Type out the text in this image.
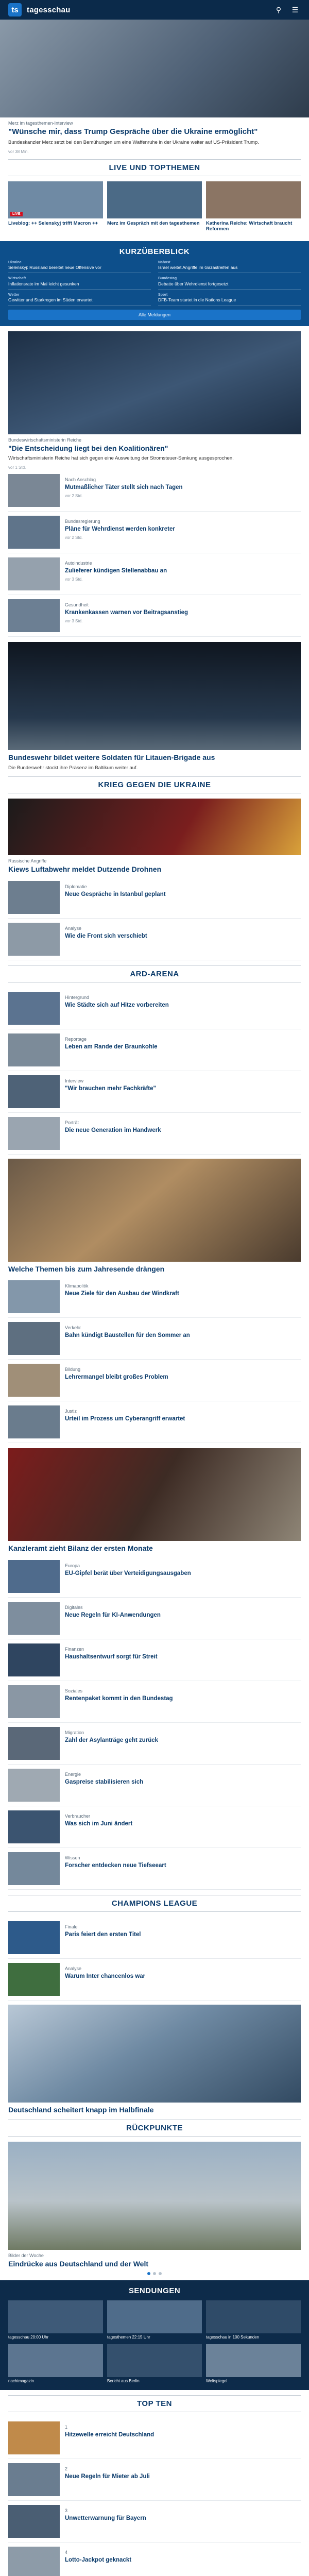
ts	tagesschau	⚲	☰
Merz im tagesthemen-Interview
"Wünsche mir, dass Trump Gespräche über die Ukraine ermöglicht"
Bundeskanzler Merz setzt bei den Bemühungen um eine Waffenruhe in der Ukraine weiter auf US-Präsident Trump.
vor 38 Min.
LIVE UND TOPTHEMEN
LIVE
Liveblog: ++ Selenskyj trifft Macron ++	Merz im Gespräch mit den tagesthemen	Katherina Reiche: Wirtschaft braucht Reformen
KURZÜBERBLICK
Ukraine
Selenskyj: Russland bereitet neue Offensive vor
Nahost
Israel weitet Angriffe im Gazastreifen aus
Wirtschaft
Inflationsrate im Mai leicht gesunken
Bundestag
Debatte über Wehrdienst fortgesetzt
Wetter
Gewitter und Starkregen im Süden erwartet
Sport
DFB-Team startet in die Nations League
Alle Meldungen
Bundeswirtschaftsministerin Reiche
"Die Entscheidung liegt bei den Koalitionären"
Wirtschaftsministerin Reiche hat sich gegen eine Ausweitung der Stromsteuer-Senkung ausgesprochen.
vor 1 Std.
Nach Anschlag
Mutmaßlicher Täter stellt sich nach Tagen
vor 2 Std.
Bundesregierung
Pläne für Wehrdienst werden konkreter
vor 2 Std.
Autoindustrie
Zulieferer kündigen Stellenabbau an
vor 3 Std.
Gesundheit
Krankenkassen warnen vor Beitragsanstieg
vor 3 Std.
Bundeswehr bildet weitere Soldaten für Litauen-Brigade aus
Die Bundeswehr stockt ihre Präsenz im Baltikum weiter auf.
KRIEG GEGEN DIE UKRAINE
Russische Angriffe
Kiews Luftabwehr meldet Dutzende Drohnen
Diplomatie
Neue Gespräche in Istanbul geplant
Analyse
Wie die Front sich verschiebt
ARD-ARENA
Hintergrund
Wie Städte sich auf Hitze vorbereiten
Reportage
Leben am Rande der Braunkohle
Interview
"Wir brauchen mehr Fachkräfte"
Porträt
Die neue Generation im Handwerk
Welche Themen bis zum Jahresende drängen
Klimapolitik
Neue Ziele für den Ausbau der Windkraft
Verkehr
Bahn kündigt Baustellen für den Sommer an
Bildung
Lehrermangel bleibt großes Problem
Justiz
Urteil im Prozess um Cyberangriff erwartet
Kanzleramt zieht Bilanz der ersten Monate
Europa
EU-Gipfel berät über Verteidigungsausgaben
Digitales
Neue Regeln für KI-Anwendungen
Finanzen
Haushaltsentwurf sorgt für Streit
Soziales
Rentenpaket kommt in den Bundestag
Migration
Zahl der Asylanträge geht zurück
Energie
Gaspreise stabilisieren sich
Verbraucher
Was sich im Juni ändert
Wissen
Forscher entdecken neue Tiefseeart
CHAMPIONS LEAGUE
Finale
Paris feiert den ersten Titel
Analyse
Warum Inter chancenlos war
Deutschland scheitert knapp im Halbfinale
RÜCKPUNKTE
Bilder der Woche
Eindrücke aus Deutschland und der Welt
SENDUNGEN
tagesschau 20:00 Uhr	tagesthemen 22:15 Uhr	tagesschau in 100 Sekunden
nachtmagazin	Bericht aus Berlin	Weltspiegel
TOP TEN
1
Hitzewelle erreicht Deutschland
2
Neue Regeln für Mieter ab Juli
3
Unwetterwarnung für Bayern
4
Lotto-Jackpot geknackt
